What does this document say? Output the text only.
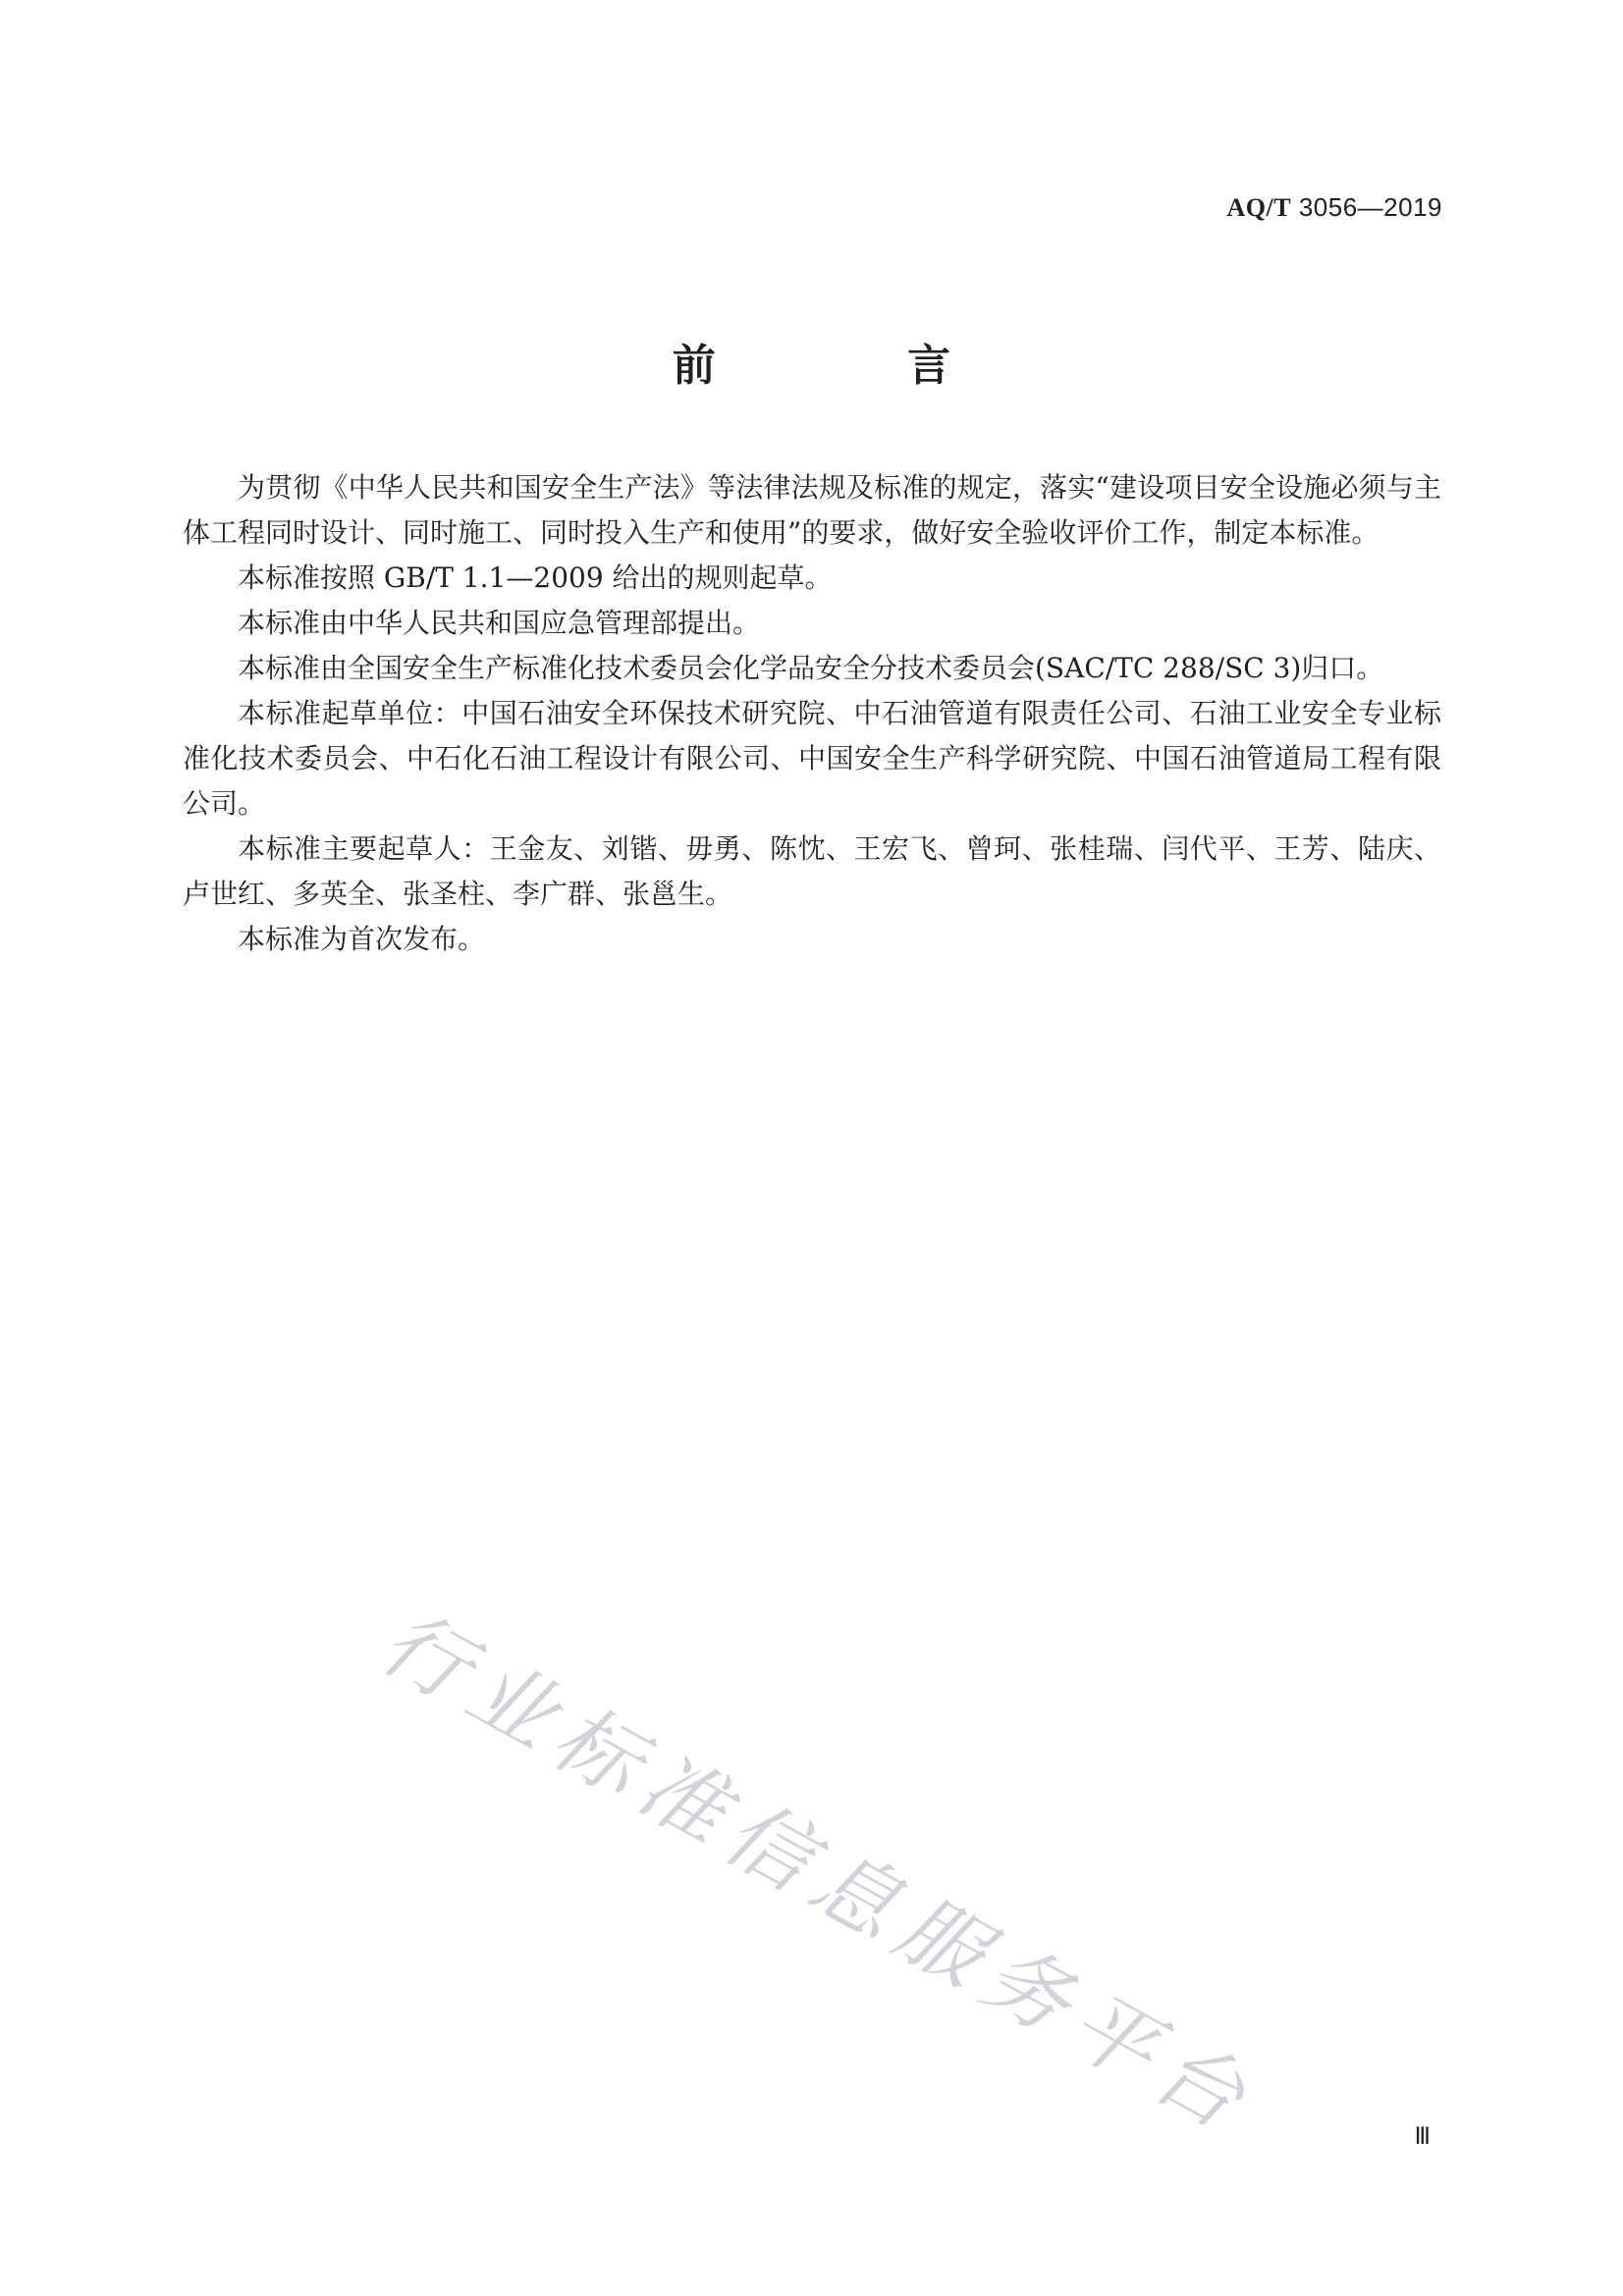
AQ/T 3056—2019
前 言

为贯彻《中华人民共和国安全生产法》等法律法规及标准的规定，落实“建设项目安全设施必须与主体工程同时设计、同时施工、同时投入生产和使用”的要求，做好安全验收评价工作，制定本标准。

本标准按照 GB/T 1.1—2009 给出的规则起草。

本标准由中华人民共和国应急管理部提出。

本标准由全国安全生产标准化技术委员会化学品安全分技术委员会(SAC/TC 288/SC 3)归口。

本标准起草单位：中国石油安全环保技术研究院、中石油管道有限责任公司、石油工业安全专业标准化技术委员会、中石化石油工程设计有限公司、中国安全生产科学研究院、中国石油管道局工程有限公司。

本标准主要起草人：王金友、刘锴、毋勇、陈忱、王宏飞、曾珂、张桂瑞、闫代平、王芳、陆庆、卢世红、多英全、张圣柱、李广群、张邕生。

本标准为首次发布。

行业标准信息服务平台	Ⅲ
